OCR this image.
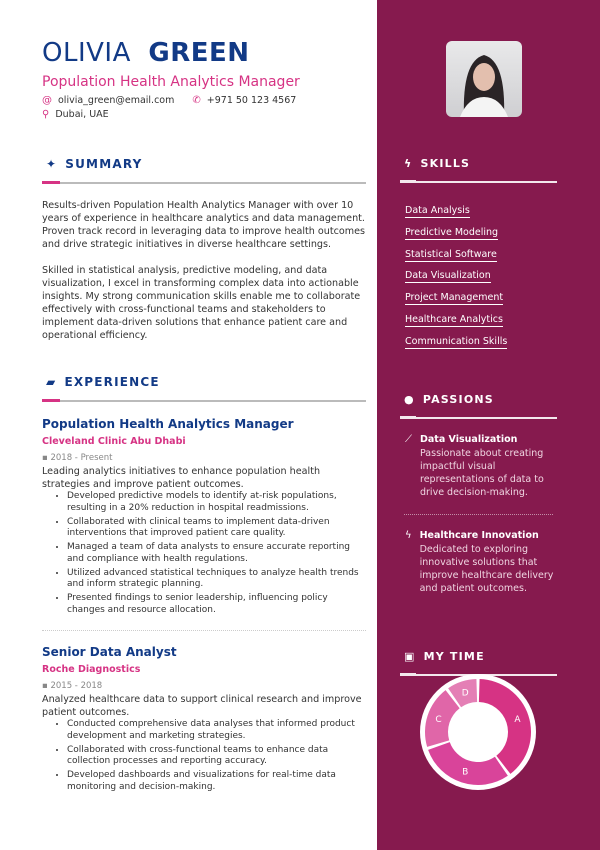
OLIVIA GREEN
Population Health Analytics Manager
@ olivia_green@email.com ✆ +971 50 123 4567
⚲ Dubai, UAE
✦ SUMMARY

Results-driven Population Health Analytics Manager with over 10 years of experience in healthcare analytics and data management. Proven track record in leveraging data to improve health outcomes and drive strategic initiatives in diverse healthcare settings.

Skilled in statistical analysis, predictive modeling, and data visualization, I excel in transforming complex data into actionable insights. My strong communication skills enable me to collaborate effectively with cross-functional teams and stakeholders to implement data-driven solutions that enhance patient care and operational efficiency.

▰ EXPERIENCE
Population Health Analytics Manager
Cleveland Clinic Abu Dhabi
▪ 2018 - Present

Leading analytics initiatives to enhance population health strategies and improve patient outcomes.

• Developed predictive models to identify at-risk populations, resulting in a 20% reduction in hospital readmissions.
• Collaborated with clinical teams to implement data-driven interventions that improved patient care quality.
• Managed a team of data analysts to ensure accurate reporting and compliance with health regulations.
• Utilized advanced statistical techniques to analyze health trends and inform strategic planning.
• Presented findings to senior leadership, influencing policy changes and resource allocation.
Senior Data Analyst
Roche Diagnostics
▪ 2015 - 2018

Analyzed healthcare data to support clinical research and improve patient outcomes.

• Conducted comprehensive data analyses that informed product development and marketing strategies.
• Collaborated with cross-functional teams to enhance data collection processes and reporting accuracy.
• Developed dashboards and visualizations for real-time data monitoring and decision-making.
ϟ SKILLS
Data Analysis
Predictive Modeling
Statistical Software
Data Visualization
Project Management
Healthcare Analytics
Communication Skills
● PASSIONS
⟋ Data Visualization

Passionate about creating impactful visual representations of data to drive decision-making.

ϟ Healthcare Innovation

Dedicated to exploring innovative solutions that improve healthcare delivery and patient outcomes.

▣ MY TIME
A
B
C
D
